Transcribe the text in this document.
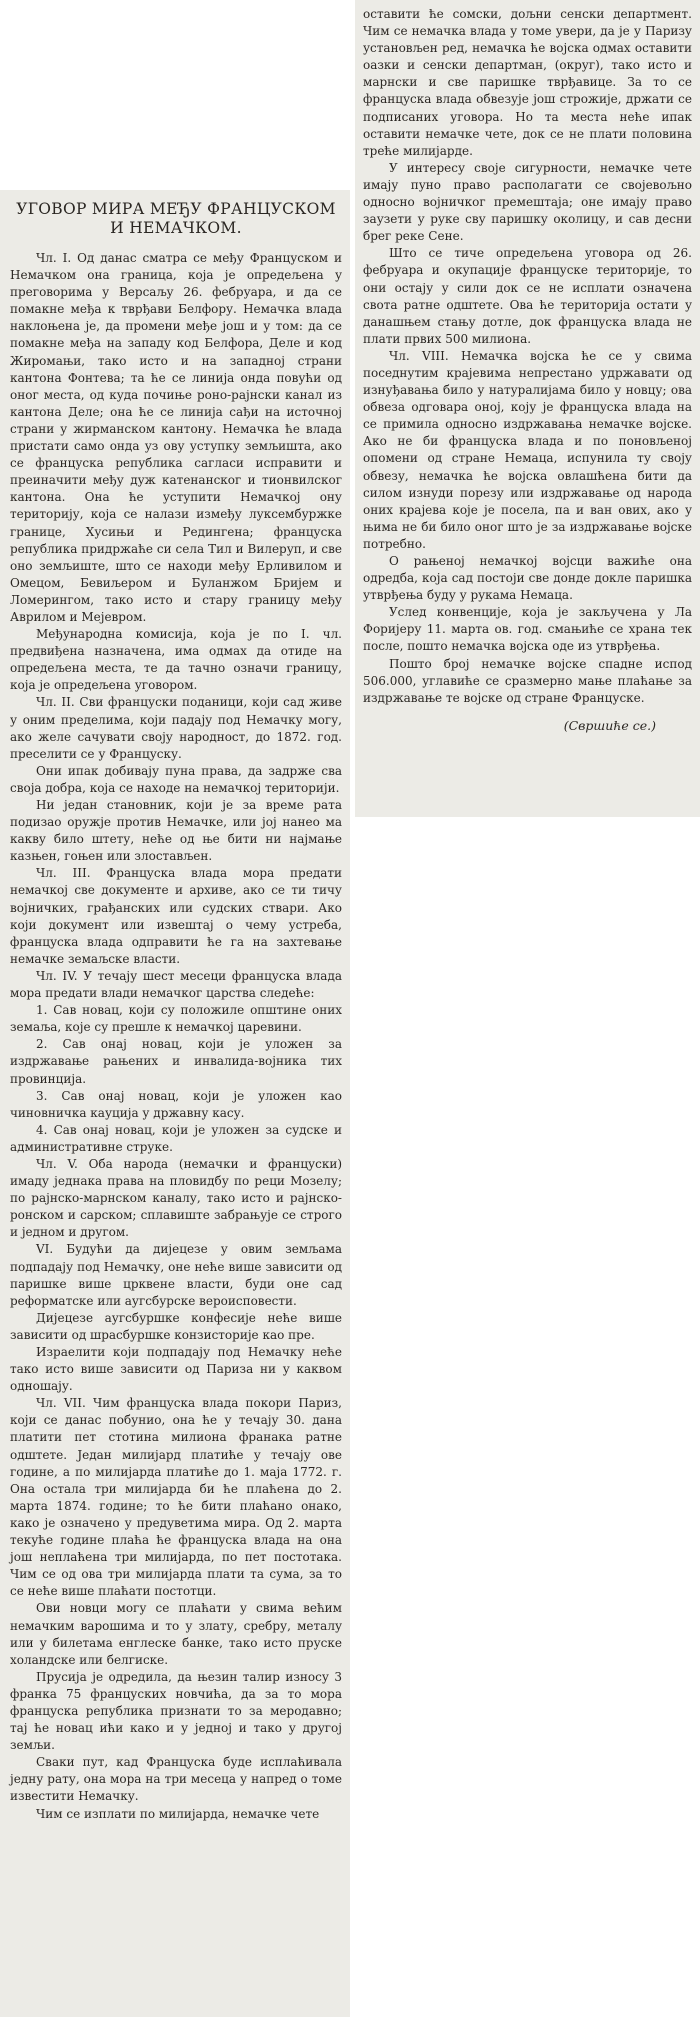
УГОВОР МИРА МЕЂУ ФРАНЦУСКОМ И НЕМАЧКОМ.

Чл. I. Од данас сматра се међу Француском и Немачком она граница, која је опредељена у преговорима у Версаљу 26. фебруара, и да се помакне међа к тврђави Белфору. Немачка влада наклоњена је, да промени међе још и у том: да се помакне међа на западу код Белфора, Деле и код Жиромањи, тако исто и на западној страни кантона Фонтева; та ће се линија онда повући од оног места, од куда почиње роно-рајнски канал из кантона Деле; она ће се линија сађи на источној страни у жирманском кантону. Немачка ће влада пристати само онда уз ову уступку земљишта, ако се француска република сагласи исправити и преиначити међу дуж катенанског и тионвилског кантона. Она ће уступити Немачкој ону територију, која се налази између луксембуржке границе, Хусињи и Редингена; француска република придржаће си села Тил и Вилеруп, и све оно земљиште, што се находи међу Ерливилом и Омецом, Бевиљером и Буланжом Бријем и Ломерингом, тако исто и стару границу међу Аврилом и Мејевром.

Међународна комисија, која је по I. чл. предвиђена назначена, има одмах да отиде на опредељена места, те да тачно означи границу, која је опредељена уговором.

Чл. II. Сви француски поданици, који сад живе у оним пределима, који падају под Немачку могу, ако желе сачувати своју народност, до 1872. год. преселити се у Француску.

Они ипак добивају пуна права, да задрже сва своја добра, која се находе на немачкој територији.

Ни један становник, који је за време рата подизао оружје против Немачке, или јој нанео ма какву било штету, неће од ње бити ни најмање казњен, гоњен или злостављен.

Чл. III. Француска влада мора предати немачкој све документе и архиве, ако се ти тичу војничких, грађанских или судских ствари. Ако који документ или извештај о чему устреба, француска влада одправити ће га на захтевање немачке земаљске власти.

Чл. IV. У течају шест месеци француска влада мора предати влади немачког царства следеће:

1. Сав новац, који су положиле општине оних земаља, које су прешле к немачкој царевини.

2. Сав онај новац, који је уложен за издржавање рањених и инвалида-војника тих провинција.

3. Сав онај новац, који је уложен као чиновничка кауција у државну касу.

4. Сав онај новац, који је уложен за судске и административне струке.

Чл. V. Оба народа (немачки и француски) имаду једнака права на пловидбу по реци Мозелу; по рајнско-марнском каналу, тако исто и рајнско-ронском и сарском; сплавиште забрањује се строго и једном и другом.

VI. Будући да дијецезе у овим земљама подпадају под Немачку, оне неће више зависити од паришке више црквене власти, буди оне сад реформатске или аугсбурске вероисповести.

Дијецезе аугсбуршке конфесије неће више зависити од шрасбуршке конзисторије као пре.

Израелити који подпадају под Немачку неће тако исто више зависити од Париза ни у каквом одношају.

Чл. VII. Чим француска влада покори Париз, који се данас побунио, она ће у течају 30. дана платити пет стотина милиона франака ратне одштете. Један милијард платиће у течају ове године, а по милијарда платиће до 1. маја 1772. г. Она остала три милијарда би ће плаћена до 2. марта 1874. године; то ће бити плаћано онако, како је означено у предуветима мира. Од 2. марта текуће године плаћа ће француска влада на она још неплаћена три милијарда, по пет постотака. Чим се од ова три милијарда плати та сума, за то се неће више плаћати постотци.

Ови новци могу се плаћати у свима већим немачким варошима и то у злату, сребру, металу или у билетама енглеске банке, тако исто пруске холандске или белгиске.

Прусија је одредила, да њезин талир износу 3 франка 75 француских новчића, да за то мора француска република признати то за меродавно; тај ће новац ићи како и у једној и тако у другој земљи.

Сваки пут, кад Француска буде исплаћивала једну рату, она мора на три месеца у напред о томе известити Немачку.

Чим се изплати по милијарда, немачке чете

оставити ће сомски, дољни сенски департмент. Чим се немачка влада у томе увери, да је у Паризу установљен ред, немачка ће војска одмах оставити оазки и сенски департман, (округ), тако исто и марнски и све паришке тврђавице. За то се француска влада обвезује још строжије, држати се подписаних уговора. Но та места неће ипак оставити немачке чете, док се не плати половина треће милијарде.

У интересу своје сигурности, немачке чете имају пуно право располагати се својевољно односно војничког премештаја; оне имају право заузети у руке сву паришку околицу, и сав десни брег реке Сене.

Што се тиче опредељена уговора од 26. фебруара и окупације француске територије, то они остају у сили док се не исплати означена свота ратне одштете. Ова ће територија остати у данашњем стању дотле, док француска влада не плати првих 500 милиона.

Чл. VIII. Немачка војска ће се у свима поседнутим крајевима непрестано удржавати од изнуђавања било у натуралијама било у новцу; ова обвеза одговара оној, коју је француска влада на се примила односно издржавања немачке војске. Ако не би француска влада и по поновљеној опомени од стране Немаца, испунила ту своју обвезу, немачка ће војска овлашћена бити да силом изнуди порезу или издржавање од народа оних крајева које је посела, па и ван ових, ако у њима не би било оног што је за издржавање војске потребно.

О рањеној немачкој војсци важиће она одредба, која сад постоји све донде докле паришка утврђења буду у рукама Немаца.

Услед конвенције, која је закључена у Ла Форијеру 11. марта ов. год. смањиће се храна тек после, пошто немачка војска оде из утврђења.

Пошто број немачке војске спадне испод 506.000, углавиће се сразмерно мање плаћање за издржавање те војске од стране Француске.

(Свршиће се.)
